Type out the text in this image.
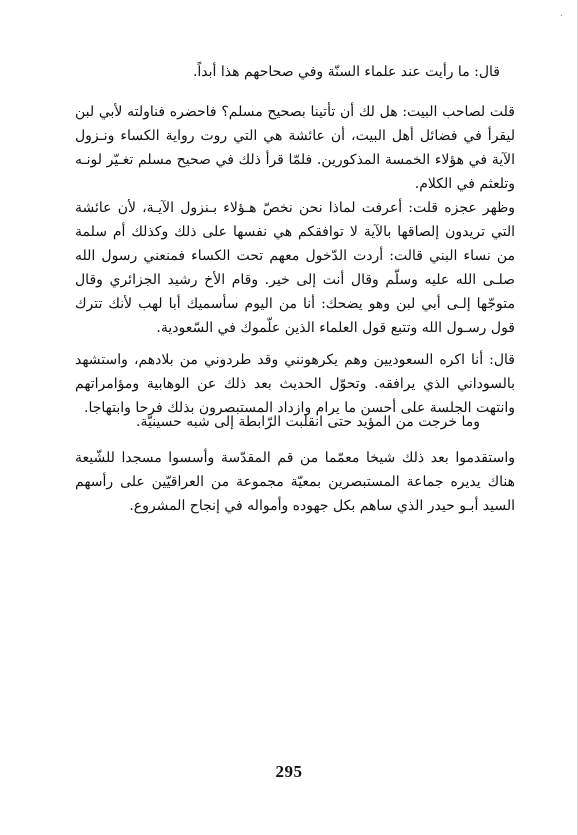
·

قال: ما رأيت عند علماء السنّة وفي صحاحهم هذا أبداً.

قلت لصاحب البيت: هل لك أن تأتينا بصحيح مسلم؟ فاحضره فناولته لأبي لبن ليقرأ في فضائل أهل البيت، أن عائشة هي التي روت رواية الكساء ونـزول الآية في هؤلاء الخمسة المذكورين. فلمّا قرأ ذلك في صحيح مسلم تغـيّر لونـه وتلعثم في الكلام.

وظهر عجزه قلت: أعرفت لماذا نحن نخصّ هـؤلاء بـنزول الآيـة، لأن عائشة التي تريدون إلصاقها بالآية لا توافقكم هي نفسها على ذلك وكذلك أم سلمة من نساء البني قالت: أردت الدّخول معهم تحت الكساء فمنعني رسول الله صلـى الله عليه وسلّم وقال أنت إلى خير. وقام الأخ رشيد الجزائري وقال متوجّها إلـى أبي لبن وهو يضحك: أنا من اليوم سأسميك أبا لهب لأنك تترك قول رسـول الله وتتبع قول العلماء الذين علّموك في السّعودية.

قال: أنا اكره السعوديين وهم يكرهونني وقد طردوني من بلادهم، واستشهد بالسوداني الذي يرافقه. وتحوّل الحديث بعد ذلك عن الوهابية ومؤامراتهم وانتهت الجلسة على أحسن ما يرام وازداد المستبصرون بذلك فرحا وابتهاجا.

وما خرجت من المؤيد حتى انقلبت الرّابطة إلى شبه حسينيّة.

واستقدموا بعد ذلك شيخا معمّما من قم المقدّسة وأسسوا مسجدا للشّيعة هناك يديره جماعة المستبصرين بمعيّة مجموعة من العراقيّين على رأسهم السيد أبـو حيدر الذي ساهم بكل جهوده وأمواله في إنجاح المشروع.

295
